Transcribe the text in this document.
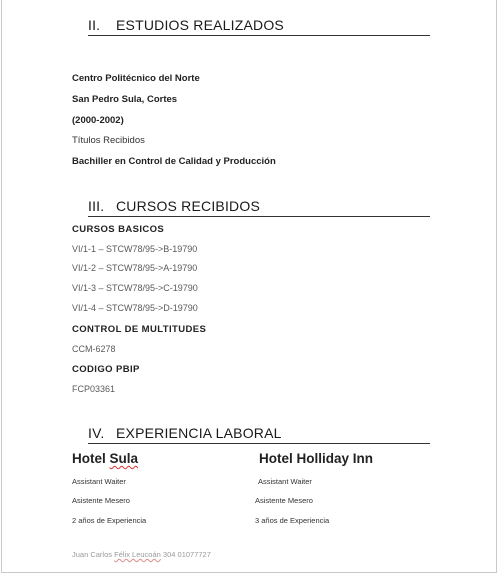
II. ESTUDIOS REALIZADOS
Centro Politécnico del Norte
San Pedro Sula, Cortes
(2000-2002)
Títulos Recibidos
Bachiller en Control de Calidad y Producción
III. CURSOS RECIBIDOS
CURSOS BASICOS
VI/1-1 – STCW78/95->B-19790
VI/1-2 – STCW78/95->A-19790
VI/1-3 – STCW78/95->C-19790
VI/1-4 – STCW78/95->D-19790
CONTROL DE MULTITUDES
CCM-6278
CODIGO PBIP
FCP03361
IV. EXPERIENCIA LABORAL
Hotel Sula
Assistant Waiter
Asistente Mesero
2 años de Experiencia
Hotel Holliday Inn
Assistant Waiter
Asistente Mesero
3 años de Experiencia
Juan Carlos Félix Leucoán 304 01077727
